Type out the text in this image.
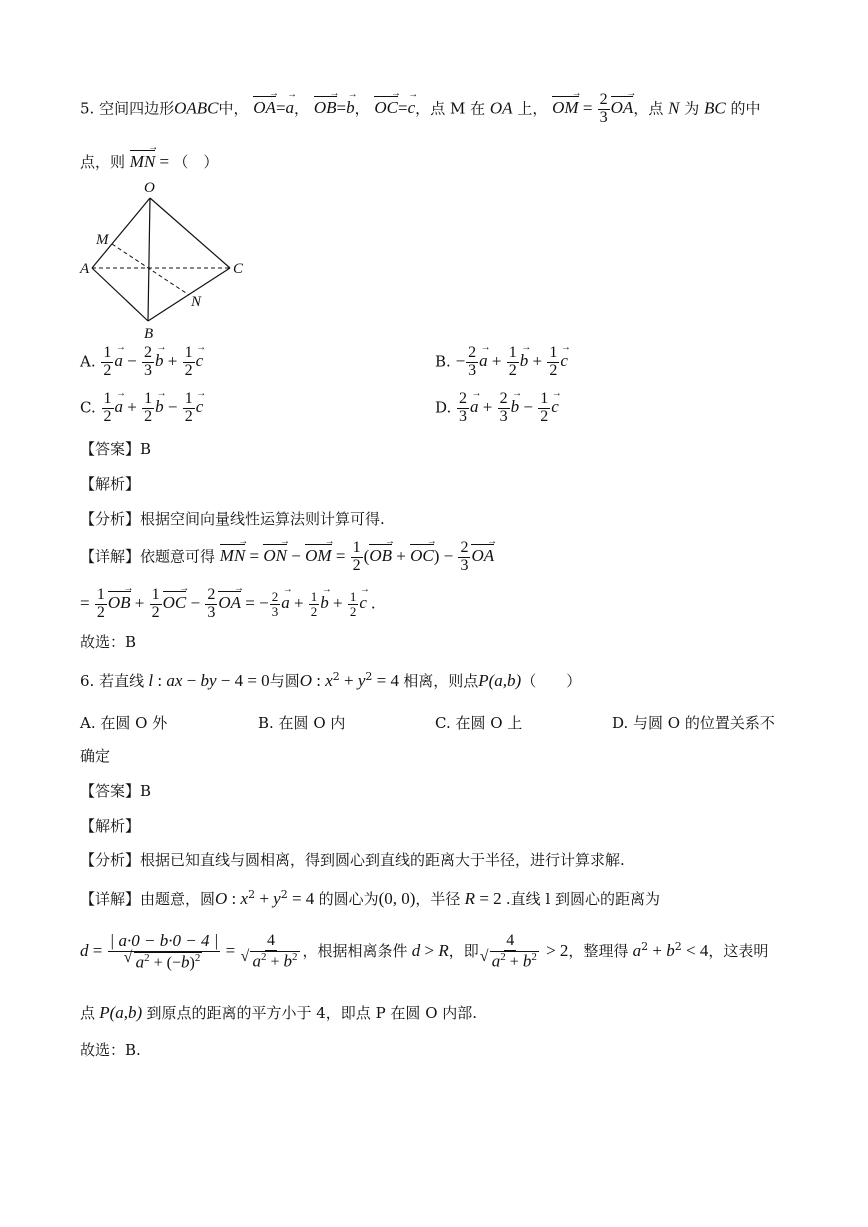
5. 空间四边形OABC中， OA
→
=a
→
， OB
→
=b
→
， OC
→
=c
→
，点 M 在 OA 上， OM
→
= $\frac{2}{3}$ OA
→
，点 N 为 BC 的中
点，则 MN
→
= （　）
O
M
A	C
N
B
A. $\frac{1}{2}$ a
→
− $\frac{2}{3}$ b
→
+ $\frac{1}{2}$ c
→
B. − $\frac{2}{3}$ a
→
+ $\frac{1}{2}$ b
→
+ $\frac{1}{2}$ c
→
C. $\frac{1}{2}$ a
→
+ $\frac{1}{2}$ b
→
− $\frac{1}{2}$ c
→
D. $\frac{2}{3}$ a
→
+ $\frac{2}{3}$ b
→
− $\frac{1}{2}$ c
→
【答案】B
【解析】
【分析】根据空间向量线性运算法则计算可得.
【详解】依题意可得 MN
→
= ON
→
− OM
→
= $\frac{1}{2} (OB$
→
+ OC
→
) − $\frac{2}{3}$ OA
→
= $\frac{1}{2}$ OB
→
+ $\frac{1}{2}$ OC
→
− $\frac{2}{3}$ OA
→
= − $\frac{2}{3}$ a
→
+ $\frac{1}{2}$ b
→
+ $\frac{1}{2}$ c
→
.
故选：B
6. 若直线 l : ax − by − 4 = 0与圆O : $x^2 + y^2 = 4$ 相离，则点P(a,b)（　　）
A. 在圆 O 外	B. 在圆 O 内	C. 在圆 O 上	D. 与圆 O 的位置关系不
确定
【答案】B
【解析】
【分析】根据已知直线与圆相离，得到圆心到直线的距离大于半径，进行计算求解.
【详解】由题意，圆O : $x^2 + y^2 = 4$ 的圆心为(0, 0)，半径 R = 2 .直线 l 到圆心的距离为
d = | a·0 − b·0 − 4 |
√ $a^2 + (-b)^2 = 4$
√ $a^2 + b^2$ ，根据相离条件 d > R，即 4
√ $a^2 + b^2 > 2$，整理得 $a^2 + b^2 < 4$，这表明
点 P(a,b) 到原点的距离的平方小于 4，即点 P 在圆 O 内部.
故选：B.
